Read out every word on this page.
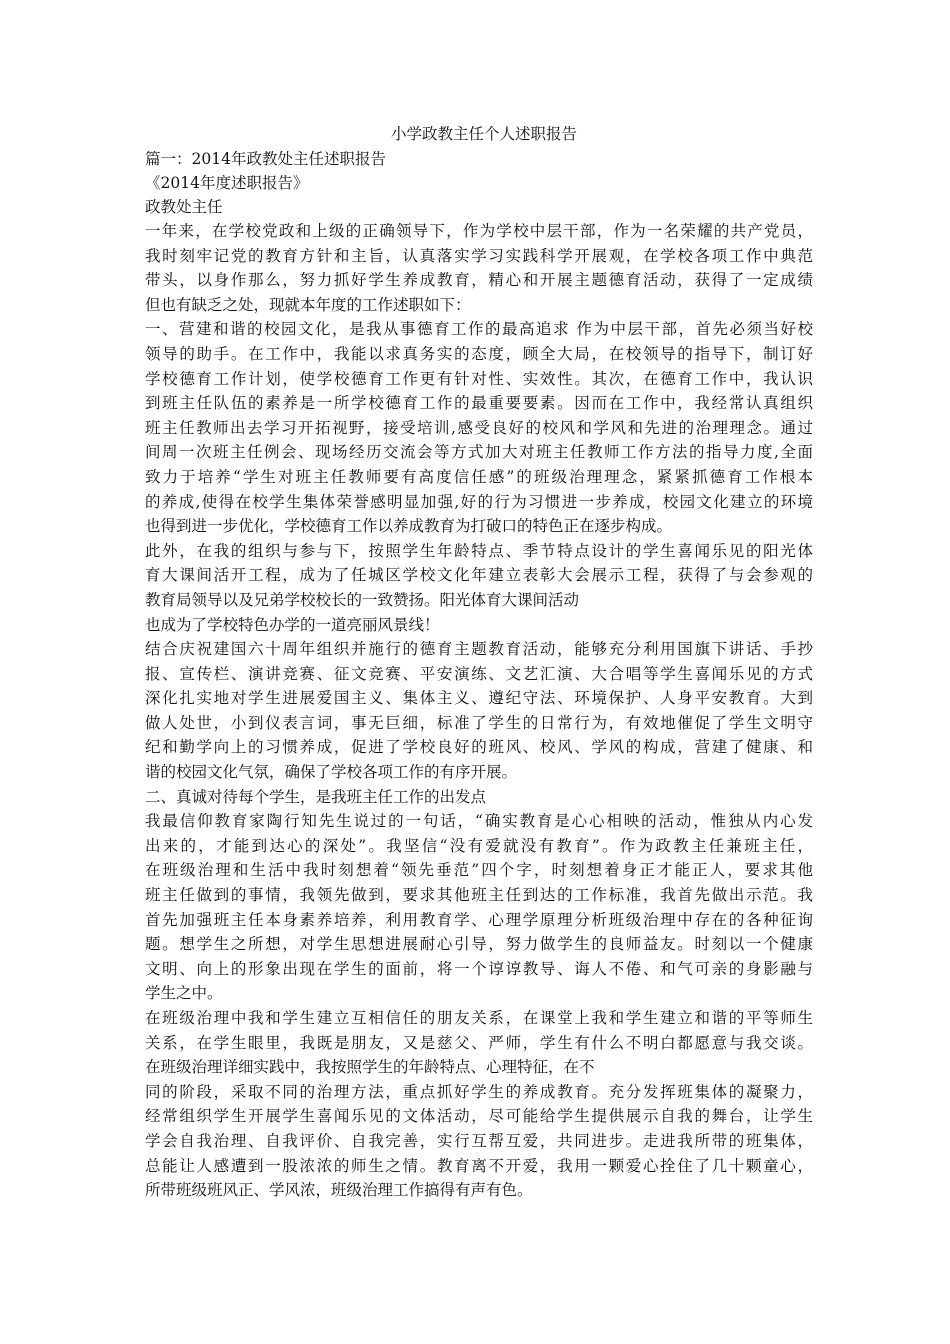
小学政教主任个人述职报告

篇一：2014年政教处主任述职报告

《2014年度述职报告》

政教处主任

一年来，在学校党政和上级的正确领导下，作为学校中层干部，作为一名荣耀的共产党员，
我时刻牢记党的教育方针和主旨，认真落实学习实践科学开展观，在学校各项工作中典范
带头，以身作那么，努力抓好学生养成教育，精心和开展主题德育活动，获得了一定成绩
但也有缺乏之处，现就本年度的工作述职如下：

一、营建和谐的校园文化，是我从事德育工作的最高追求 作为中层干部，首先必须当好校
领导的助手。在工作中，我能以求真务实的态度，顾全大局，在校领导的指导下，制订好
学校德育工作计划，使学校德育工作更有针对性、实效性。其次，在德育工作中，我认识
到班主任队伍的素养是一所学校德育工作的最重要要素。因而在工作中，我经常认真组织
班主任教师出去学习开拓视野，接受培训,感受良好的校风和学风和先进的治理理念。通过
间周一次班主任例会、现场经历交流会等方式加大对班主任教师工作方法的指导力度,全面
致力于培养“学生对班主任教师要有高度信任感”的班级治理理念，紧紧抓德育工作根本
的养成,使得在校学生集体荣誉感明显加强,好的行为习惯进一步养成，校园文化建立的环境
也得到进一步优化，学校德育工作以养成教育为打破口的特色正在逐步构成。

此外，在我的组织与参与下，按照学生年龄特点、季节特点设计的学生喜闻乐见的阳光体
育大课间活开工程，成为了任城区学校文化年建立表彰大会展示工程，获得了与会参观的
教育局领导以及兄弟学校校长的一致赞扬。阳光体育大课间活动

也成为了学校特色办学的一道亮丽风景线！

结合庆祝建国六十周年组织并施行的德育主题教育活动，能够充分利用国旗下讲话、手抄
报、宣传栏、演讲竞赛、征文竞赛、平安演练、文艺汇演、大合唱等学生喜闻乐见的方式
深化扎实地对学生进展爱国主义、集体主义、遵纪守法、环境保护、人身平安教育。大到
做人处世，小到仪表言词，事无巨细，标准了学生的日常行为，有效地催促了学生文明守
纪和勤学向上的习惯养成，促进了学校良好的班风、校风、学风的构成，营建了健康、和
谐的校园文化气氛，确保了学校各项工作的有序开展。

二、真诚对待每个学生，是我班主任工作的出发点

我最信仰教育家陶行知先生说过的一句话，“确实教育是心心相映的活动，惟独从内心发
出来的，才能到达心的深处”。我坚信“没有爱就没有教育”。作为政教主任兼班主任，
在班级治理和生活中我时刻想着“领先垂范”四个字，时刻想着身正才能正人，要求其他
班主任做到的事情，我领先做到，要求其他班主任到达的工作标准，我首先做出示范。我
首先加强班主任本身素养培养，利用教育学、心理学原理分析班级治理中存在的各种征询
题。想学生之所想，对学生思想进展耐心引导，努力做学生的良师益友。时刻以一个健康
文明、向上的形象出现在学生的面前，将一个谆谆教导、诲人不倦、和气可亲的身影融与
学生之中。

在班级治理中我和学生建立互相信任的朋友关系，在课堂上我和学生建立和谐的平等师生
关系，在学生眼里，我既是朋友，又是慈父、严师，学生有什么不明白都愿意与我交谈。
在班级治理详细实践中，我按照学生的年龄特点、心理特征，在不

同的阶段，采取不同的治理方法，重点抓好学生的养成教育。充分发挥班集体的凝聚力，
经常组织学生开展学生喜闻乐见的文体活动，尽可能给学生提供展示自我的舞台，让学生
学会自我治理、自我评价、自我完善，实行互帮互爱，共同进步。走进我所带的班集体，
总能让人感遭到一股浓浓的师生之情。教育离不开爱，我用一颗爱心拴住了几十颗童心，
所带班级班风正、学风浓，班级治理工作搞得有声有色。
